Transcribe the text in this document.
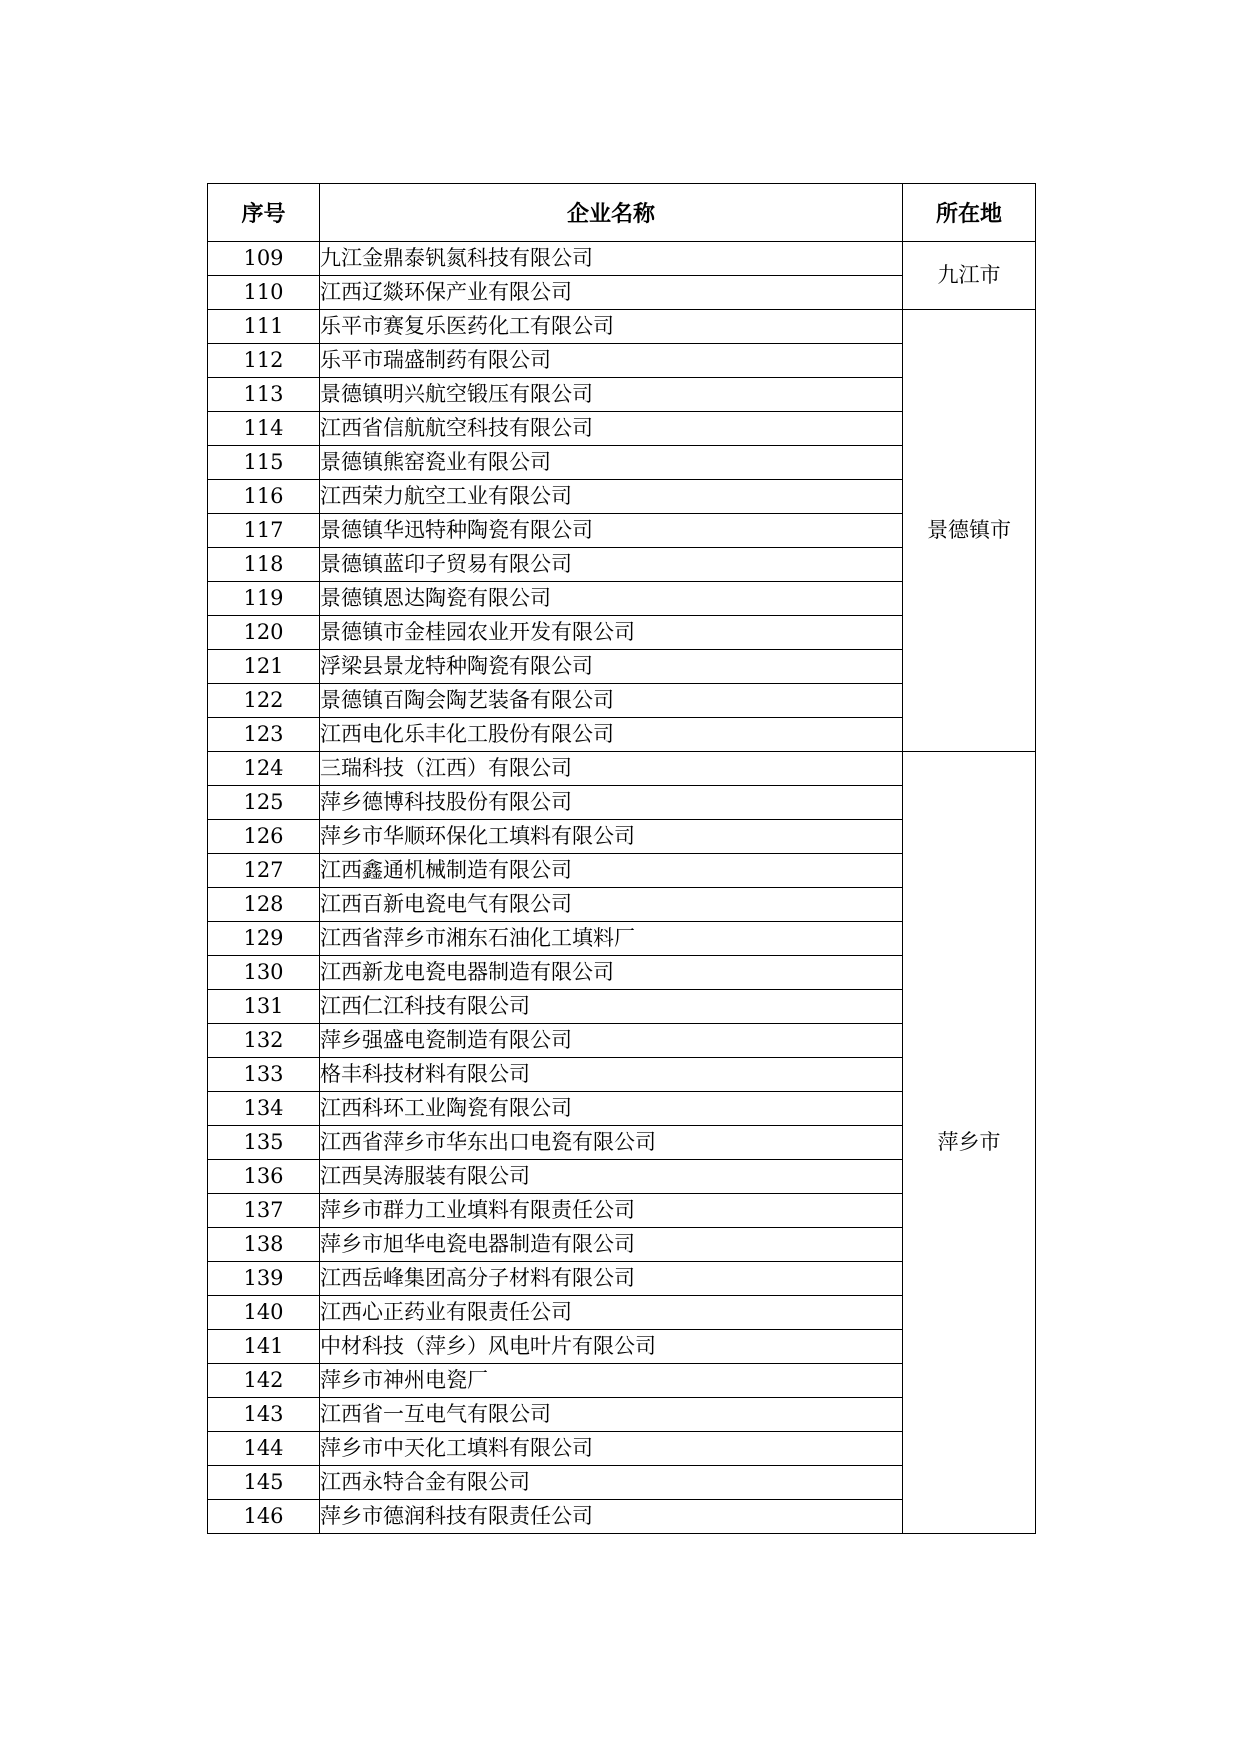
序号	企业名称	所在地
109	九江金鼎泰钒氮科技有限公司	九江市
110	江西辽燚环保产业有限公司	
111	乐平市赛复乐医药化工有限公司	景德镇市
112	乐平市瑞盛制药有限公司	
113	景德镇明兴航空锻压有限公司	
114	江西省信航航空科技有限公司	
115	景德镇熊窑瓷业有限公司	
116	江西荣力航空工业有限公司	
117	景德镇华迅特种陶瓷有限公司	
118	景德镇蓝印子贸易有限公司	
119	景德镇恩达陶瓷有限公司	
120	景德镇市金桂园农业开发有限公司	
121	浮梁县景龙特种陶瓷有限公司	
122	景德镇百陶会陶艺装备有限公司	
123	江西电化乐丰化工股份有限公司	
124	三瑞科技（江西）有限公司	萍乡市
125	萍乡德博科技股份有限公司	
126	萍乡市华顺环保化工填料有限公司	
127	江西鑫通机械制造有限公司	
128	江西百新电瓷电气有限公司	
129	江西省萍乡市湘东石油化工填料厂	
130	江西新龙电瓷电器制造有限公司	
131	江西仁江科技有限公司	
132	萍乡强盛电瓷制造有限公司	
133	格丰科技材料有限公司	
134	江西科环工业陶瓷有限公司	
135	江西省萍乡市华东出口电瓷有限公司	
136	江西昊涛服装有限公司	
137	萍乡市群力工业填料有限责任公司	
138	萍乡市旭华电瓷电器制造有限公司	
139	江西岳峰集团高分子材料有限公司	
140	江西心正药业有限责任公司	
141	中材科技（萍乡）风电叶片有限公司	
142	萍乡市神州电瓷厂	
143	江西省一互电气有限公司	
144	萍乡市中天化工填料有限公司	
145	江西永特合金有限公司	
146	萍乡市德润科技有限责任公司	
